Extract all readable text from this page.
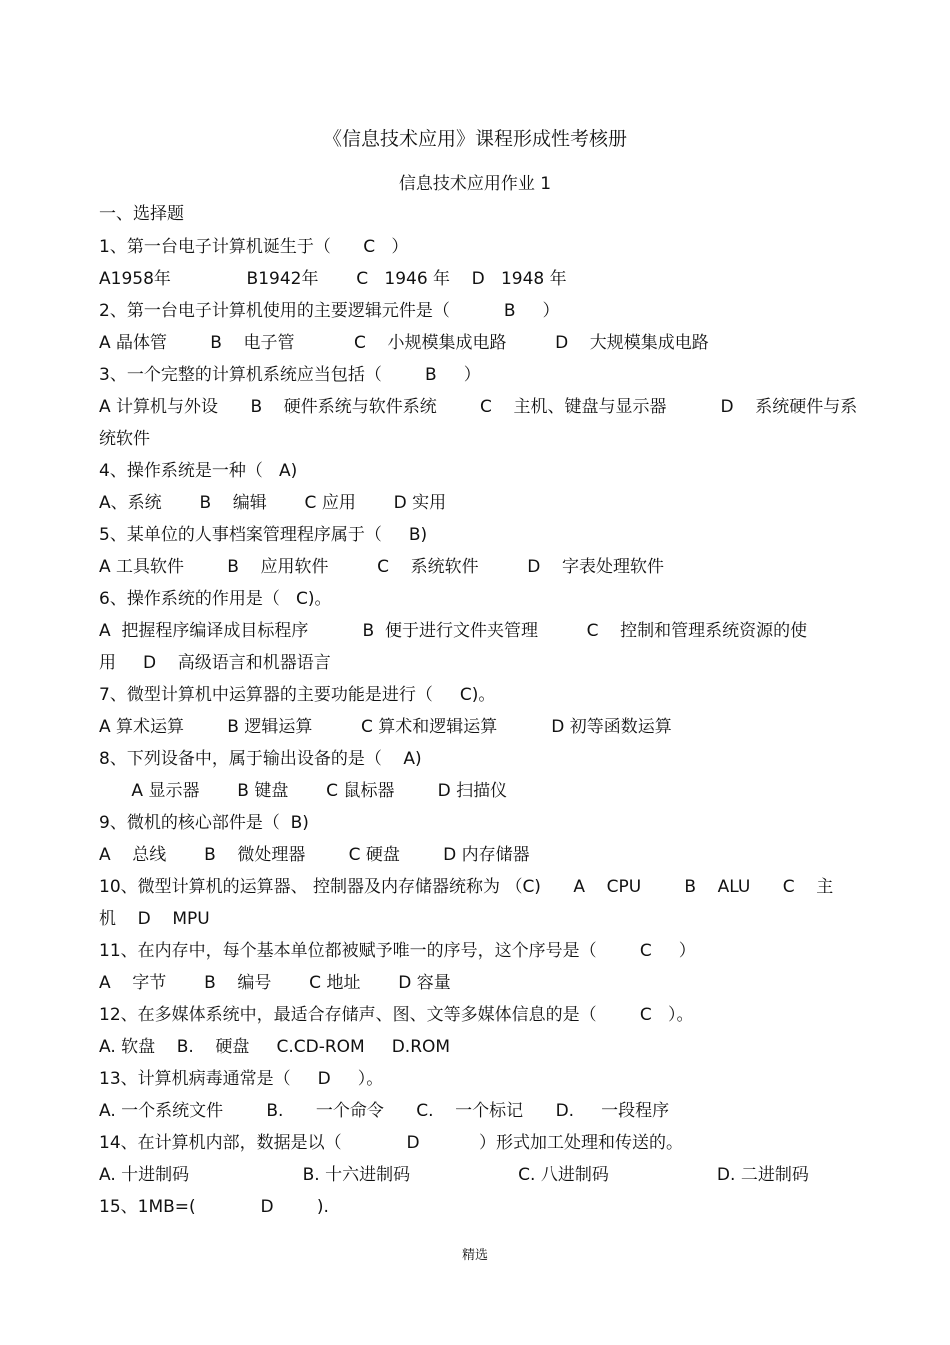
《信息技术应用》课程形成性考核册
信息技术应用作业 1
一、选择题
1、第一台电子计算机诞生于（      C   ）
A1958年              B1942年       C   1946 年    D   1948 年
2、第一台电子计算机使用的主要逻辑元件是（          B     ）
A 晶体管        B    电子管           C    小规模集成电路         D    大规模集成电路
3、一个完整的计算机系统应当包括（        B     ）
A 计算机与外设      B    硬件系统与软件系统        C    主机、键盘与显示器          D    系统硬件与系
统软件
4、操作系统是一种（   A)
A、系统       B    编辑       C 应用       D 实用
5、某单位的人事档案管理程序属于（     B)
A 工具软件        B    应用软件         C    系统软件         D    字表处理软件
6、操作系统的作用是（   C)。
A  把握程序编译成目标程序          B  便于进行文件夹管理         C    控制和管理系统资源的使
用     D    高级语言和机器语言
7、微型计算机中运算器的主要功能是进行（     C)。
A 算术运算        B 逻辑运算         C 算术和逻辑运算          D 初等函数运算
8、下列设备中，属于输出设备的是（    A)
A 显示器       B 键盘       C 鼠标器        D 扫描仪
9、微机的核心部件是（  B)
A    总线       B    微处理器        C 硬盘        D 内存储器
10、微型计算机的运算器、 控制器及内存储器统称为 （C)      A    CPU        B    ALU      C    主
机    D    MPU
11、在内存中，每个基本单位都被赋予唯一的序号，这个序号是（        C     ）
A    字节       B    编号       C 地址       D 容量
12、在多媒体系统中，最适合存储声、图、文等多媒体信息的是（        C   ）。
A. 软盘    B.    硬盘     C.CD-ROM     D.ROM
13、计算机病毒通常是（     D     ）。
A. 一个系统文件        B.      一个命令      C.    一个标记      D.     一段程序
14、在计算机内部，数据是以（            D           ）形式加工处理和传送的。
A. 十进制码                     B. 十六进制码                    C. 八进制码                    D. 二进制码
15、1MB=(            D        ).
精选
